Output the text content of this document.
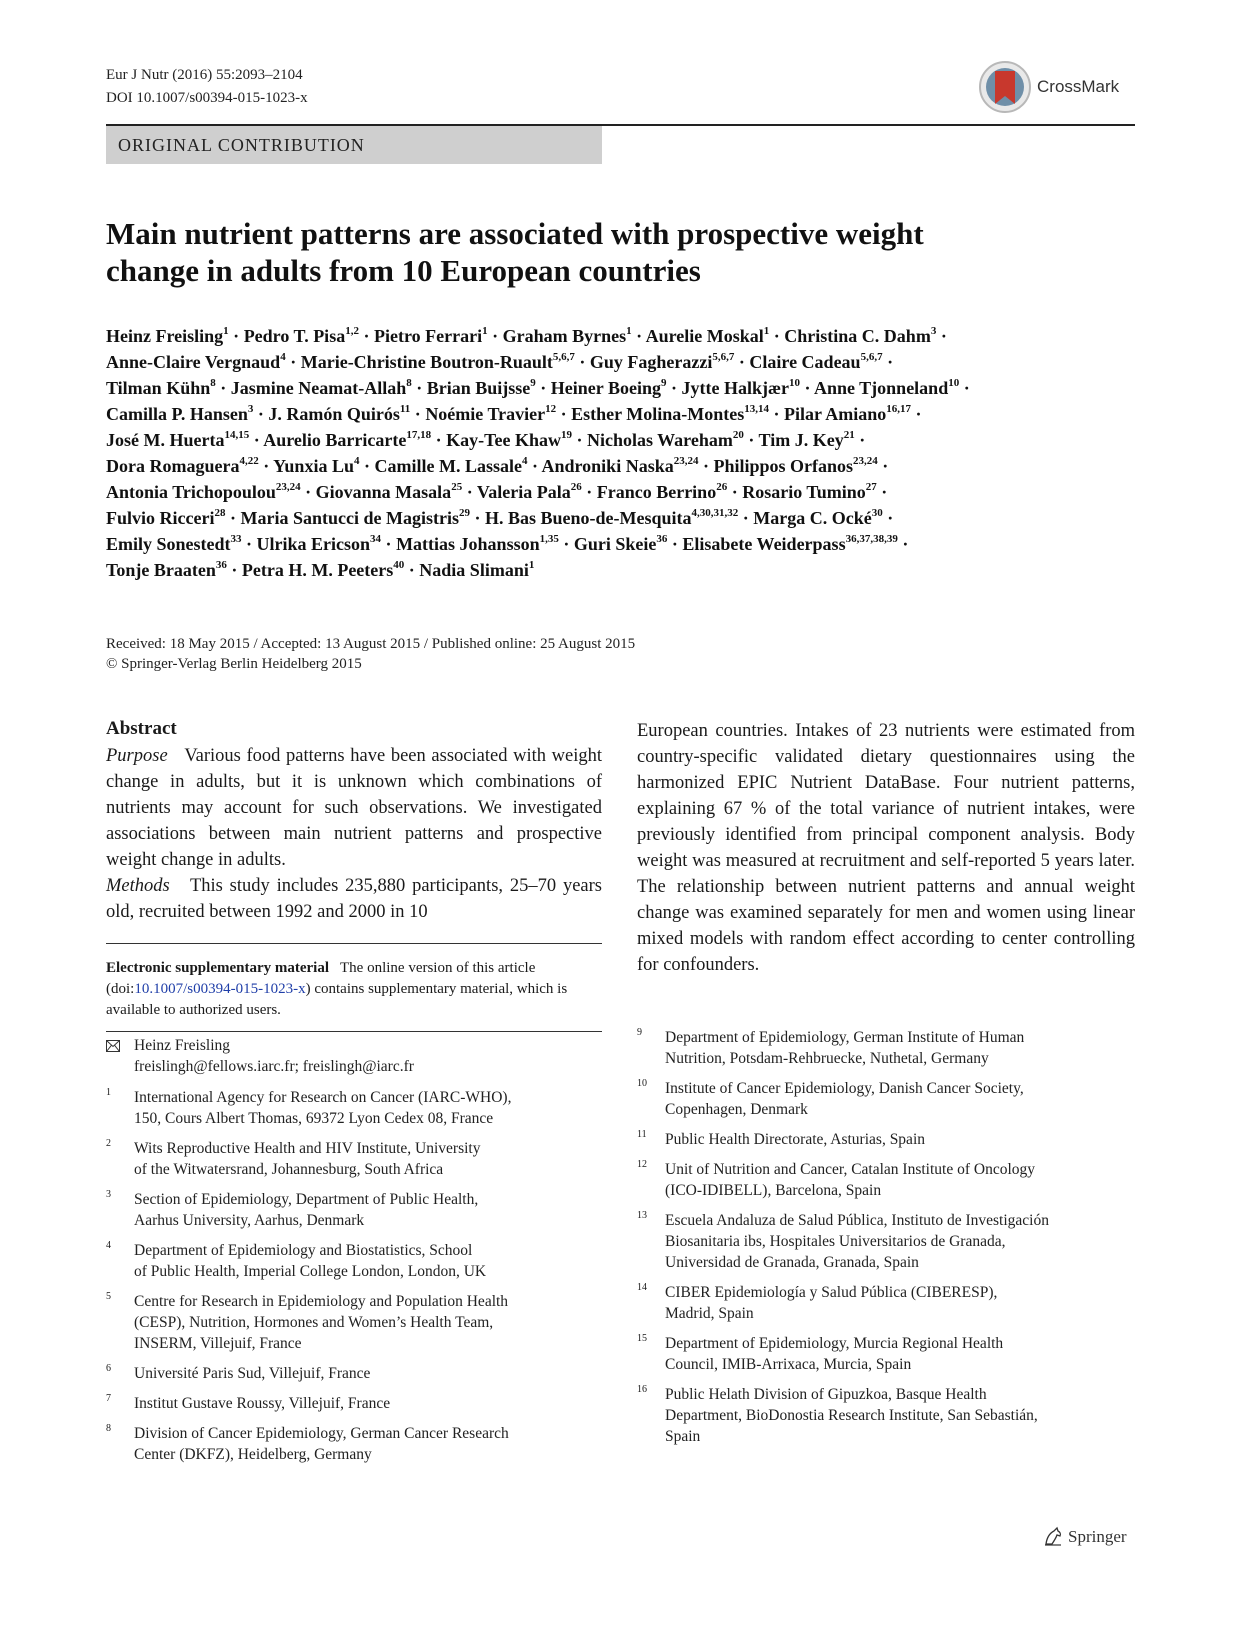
Eur J Nutr (2016) 55:2093–2104
DOI 10.1007/s00394-015-1023-x
CrossMark
ORIGINAL CONTRIBUTION
Main nutrient patterns are associated with prospective weight
change in adults from 10 European countries
Heinz Freisling$^1$ · Pedro T. Pisa$^{1,2}$ · Pietro Ferrari$^1$ · Graham Byrnes$^1$ · Aurelie Moskal$^1$ · Christina C. Dahm$^3$ ·
Anne-Claire Vergnaud$^4$ · Marie-Christine Boutron-Ruault$^{5,6,7}$ · Guy Fagherazzi$^{5,6,7}$ · Claire Cadeau$^{5,6,7}$ ·
Tilman Kühn$^8$ · Jasmine Neamat-Allah$^8$ · Brian Buijsse$^9$ · Heiner Boeing$^9$ · Jytte Halkjær$^{10}$ · Anne Tjonneland$^{10}$ ·
Camilla P. Hansen$^3$ · J. Ramón Quirós$^{11}$ · Noémie Travier$^{12}$ · Esther Molina-Montes$^{13,14}$ · Pilar Amiano$^{16,17}$ ·
José M. Huerta$^{14,15}$ · Aurelio Barricarte$^{17,18}$ · Kay-Tee Khaw$^{19}$ · Nicholas Wareham$^{20}$ · Tim J. Key$^{21}$ ·
Dora Romaguera$^{4,22}$ · Yunxia $Lu^4$ · Camille M. Lassale$^4$ · Androniki Naska$^{23,24}$ · Philippos Orfanos$^{23,24}$ ·
Antonia Trichopoulou$^{23,24}$ · Giovanna Masala$^{25}$ · Valeria Pala$^{26}$ · Franco Berrino$^{26}$ · Rosario Tumino$^{27}$ ·
Fulvio Ricceri$^{28}$ · Maria Santucci de Magistris$^{29}$ · H. Bas Bueno-de-Mesquita$^{4,30,31,32}$ · Marga C. Ocké$^{30}$ ·
Emily Sonestedt$^{33}$ · Ulrika Ericson$^{34}$ · Mattias Johansson$^{1,35}$ · Guri Skeie$^{36}$ · Elisabete Weiderpass$^{36,37,38,39}$ ·
Tonje Braaten$^{36}$ · Petra H. M. Peeters$^{40}$ · Nadia Slimani$^1$
Received: 18 May 2015 / Accepted: 13 August 2015 / Published online: 25 August 2015
© Springer-Verlag Berlin Heidelberg 2015
Abstract
Purpose Various food patterns have been associated with weight change in adults, but it is unknown which combinations of nutrients may account for such observations. We investigated associations between main nutrient patterns and prospective weight change in adults.
Methods This study includes 235,880 participants, 25–70 years old, recruited between 1992 and 2000 in 10
European countries. Intakes of 23 nutrients were estimated from country-specific validated dietary questionnaires using the harmonized EPIC Nutrient DataBase. Four nutrient patterns, explaining 67 % of the total variance of nutrient intakes, were previously identified from principal component analysis. Body weight was measured at recruitment and self-reported 5 years later. The relationship between nutrient patterns and annual weight change was examined separately for men and women using linear mixed models with random effect according to center controlling for confounders.
Electronic supplementary material The online version of this article (doi:10.1007/s00394-015-1023-x) contains supplementary material, which is available to authorized users.
Heinz Freisling
freislingh@fellows.iarc.fr; freislingh@iarc.fr
1 International Agency for Research on Cancer (IARC-WHO),
150, Cours Albert Thomas, 69372 Lyon Cedex 08, France
2 Wits Reproductive Health and HIV Institute, University
of the Witwatersrand, Johannesburg, South Africa
3 Section of Epidemiology, Department of Public Health,
Aarhus University, Aarhus, Denmark
4 Department of Epidemiology and Biostatistics, School
of Public Health, Imperial College London, London, UK
5 Centre for Research in Epidemiology and Population Health
(CESP), Nutrition, Hormones and Women’s Health Team,
INSERM, Villejuif, France
6 Université Paris Sud, Villejuif, France
7 Institut Gustave Roussy, Villejuif, France
8 Division of Cancer Epidemiology, German Cancer Research
Center (DKFZ), Heidelberg, Germany
9 Department of Epidemiology, German Institute of Human
Nutrition, Potsdam-Rehbruecke, Nuthetal, Germany
10 Institute of Cancer Epidemiology, Danish Cancer Society,
Copenhagen, Denmark
11 Public Health Directorate, Asturias, Spain
12 Unit of Nutrition and Cancer, Catalan Institute of Oncology
(ICO-IDIBELL), Barcelona, Spain
13 Escuela Andaluza de Salud Pública, Instituto de Investigación
Biosanitaria ibs, Hospitales Universitarios de Granada,
Universidad de Granada, Granada, Spain
14 CIBER Epidemiología y Salud Pública (CIBERESP),
Madrid, Spain
15 Department of Epidemiology, Murcia Regional Health
Council, IMIB-Arrixaca, Murcia, Spain
16 Public Helath Division of Gipuzkoa, Basque Health
Department, BioDonostia Research Institute, San Sebastián,
Spain
Springer
